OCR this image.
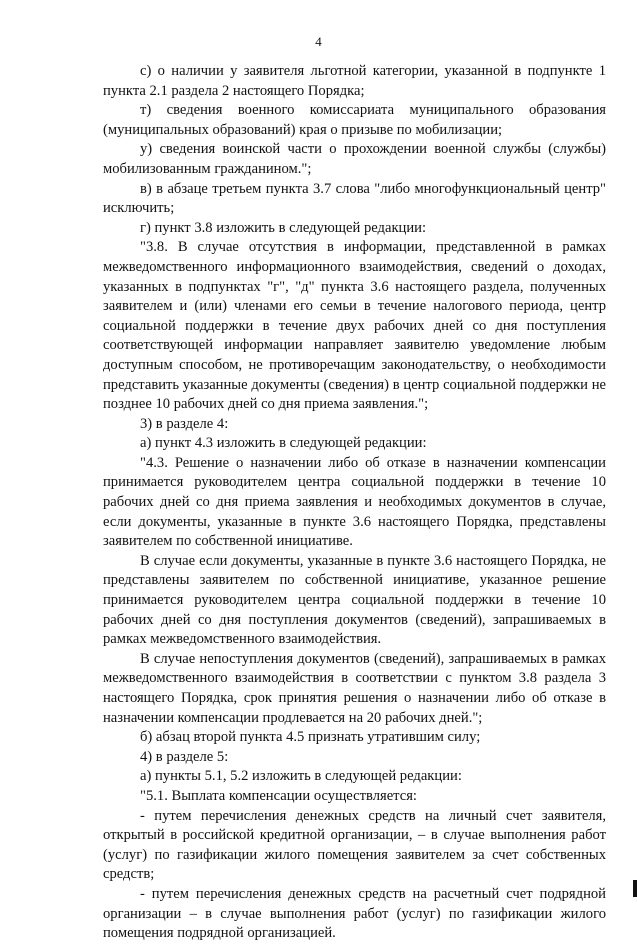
4

с) о наличии у заявителя льготной категории, указанной в подпункте 1 пункта 2.1 раздела 2 настоящего Порядка;

т) сведения военного комиссариата муниципального образования (муниципальных образований) края о призыве по мобилизации;

у) сведения воинской части о прохождении военной службы (службы) мобилизованным гражданином.";

в) в абзаце третьем пункта 3.7 слова "либо многофункциональный центр" исключить;

г) пункт 3.8 изложить в следующей редакции:

"3.8. В случае отсутствия в информации, представленной в рамках межведомственного информационного взаимодействия, сведений о доходах, указанных в подпунктах "г", "д" пункта 3.6 настоящего раздела, полученных заявителем и (или) членами его семьи в течение налогового периода, центр социальной поддержки в течение двух рабочих дней со дня поступления соответствующей информации направляет заявителю уведомление любым доступным способом, не противоречащим законодательству, о необходимости представить указанные документы (сведения) в центр социальной поддержки не позднее 10 рабочих дней со дня приема заявления.";

3) в разделе 4:

а) пункт 4.3 изложить в следующей редакции:

"4.3. Решение о назначении либо об отказе в назначении компенсации принимается руководителем центра социальной поддержки в течение 10 рабочих дней со дня приема заявления и необходимых документов в случае, если документы, указанные в пункте 3.6 настоящего Порядка, представлены заявителем по собственной инициативе.

В случае если документы, указанные в пункте 3.6 настоящего Порядка, не представлены заявителем по собственной инициативе, указанное решение принимается руководителем центра социальной поддержки в течение 10 рабочих дней со дня поступления документов (сведений), запрашиваемых в рамках межведомственного взаимодействия.

В случае непоступления документов (сведений), запрашиваемых в рамках межведомственного взаимодействия в соответствии с пунктом 3.8 раздела 3 настоящего Порядка, срок принятия решения о назначении либо об отказе в назначении компенсации продлевается на 20 рабочих дней.";

б) абзац второй пункта 4.5 признать утратившим силу;

4) в разделе 5:

а) пункты 5.1, 5.2 изложить в следующей редакции:

"5.1. Выплата компенсации осуществляется:

- путем перечисления денежных средств на личный счет заявителя, открытый в российской кредитной организации, – в случае выполнения работ (услуг) по газификации жилого помещения заявителем за счет собственных средств;

- путем перечисления денежных средств на расчетный счет подрядной организации – в случае выполнения работ (услуг) по газификации жилого помещения подрядной организацией.
